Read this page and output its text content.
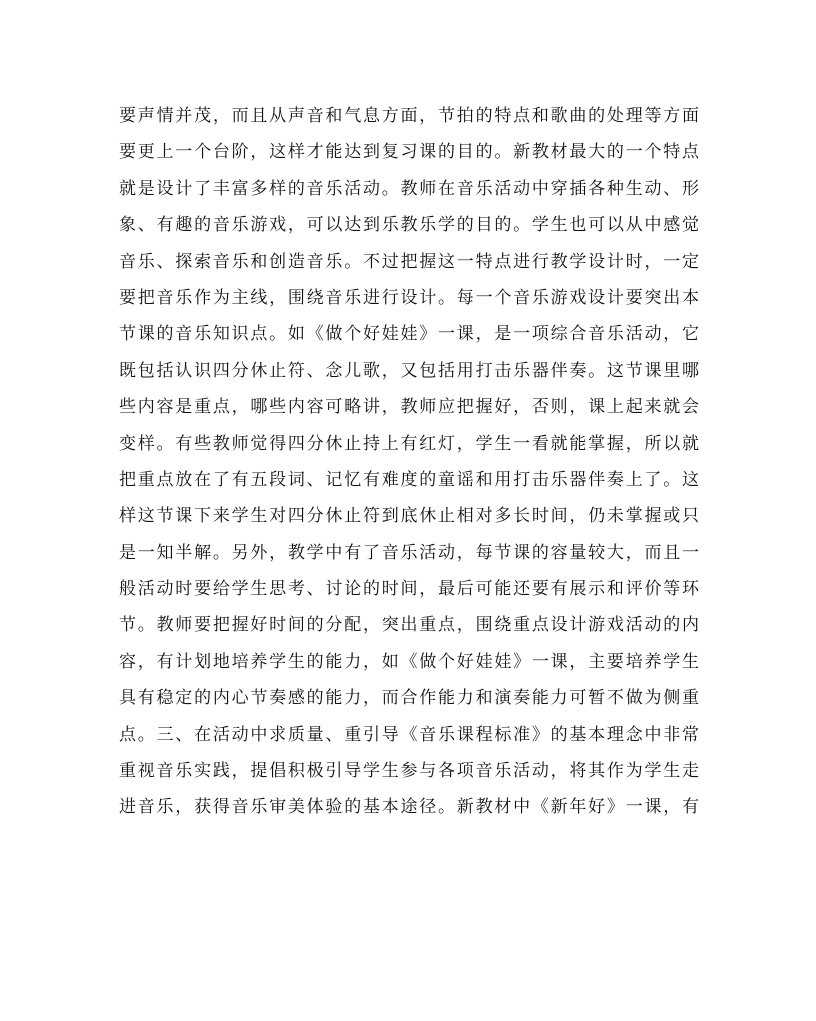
要声情并茂，而且从声音和气息方面，节拍的特点和歌曲的处理等方面
要更上一个台阶，这样才能达到复习课的目的。新教材最大的一个特点
就是设计了丰富多样的音乐活动。教师在音乐活动中穿插各种生动、形
象、有趣的音乐游戏，可以达到乐教乐学的目的。学生也可以从中感觉
音乐、探索音乐和创造音乐。不过把握这一特点进行教学设计时，一定
要把音乐作为主线，围绕音乐进行设计。每一个音乐游戏设计要突出本
节课的音乐知识点。如《做个好娃娃》一课，是一项综合音乐活动，它
既包括认识四分休止符、念儿歌，又包括用打击乐器伴奏。这节课里哪
些内容是重点，哪些内容可略讲，教师应把握好，否则，课上起来就会
变样。有些教师觉得四分休止持上有红灯，学生一看就能掌握，所以就
把重点放在了有五段词、记忆有难度的童谣和用打击乐器伴奏上了。这
样这节课下来学生对四分休止符到底休止相对多长时间，仍未掌握或只
是一知半解。另外，教学中有了音乐活动，每节课的容量较大，而且一
般活动时要给学生思考、讨论的时间，最后可能还要有展示和评价等环
节。教师要把握好时间的分配，突出重点，围绕重点设计游戏活动的内
容，有计划地培养学生的能力，如《做个好娃娃》一课，主要培养学生
具有稳定的内心节奏感的能力，而合作能力和演奏能力可暂不做为侧重
点。三、在活动中求质量、重引导《音乐课程标准》的基本理念中非常
重视音乐实践，提倡积极引导学生参与各项音乐活动，将其作为学生走
进音乐，获得音乐审美体验的基本途径。新教材中《新年好》一课，有
